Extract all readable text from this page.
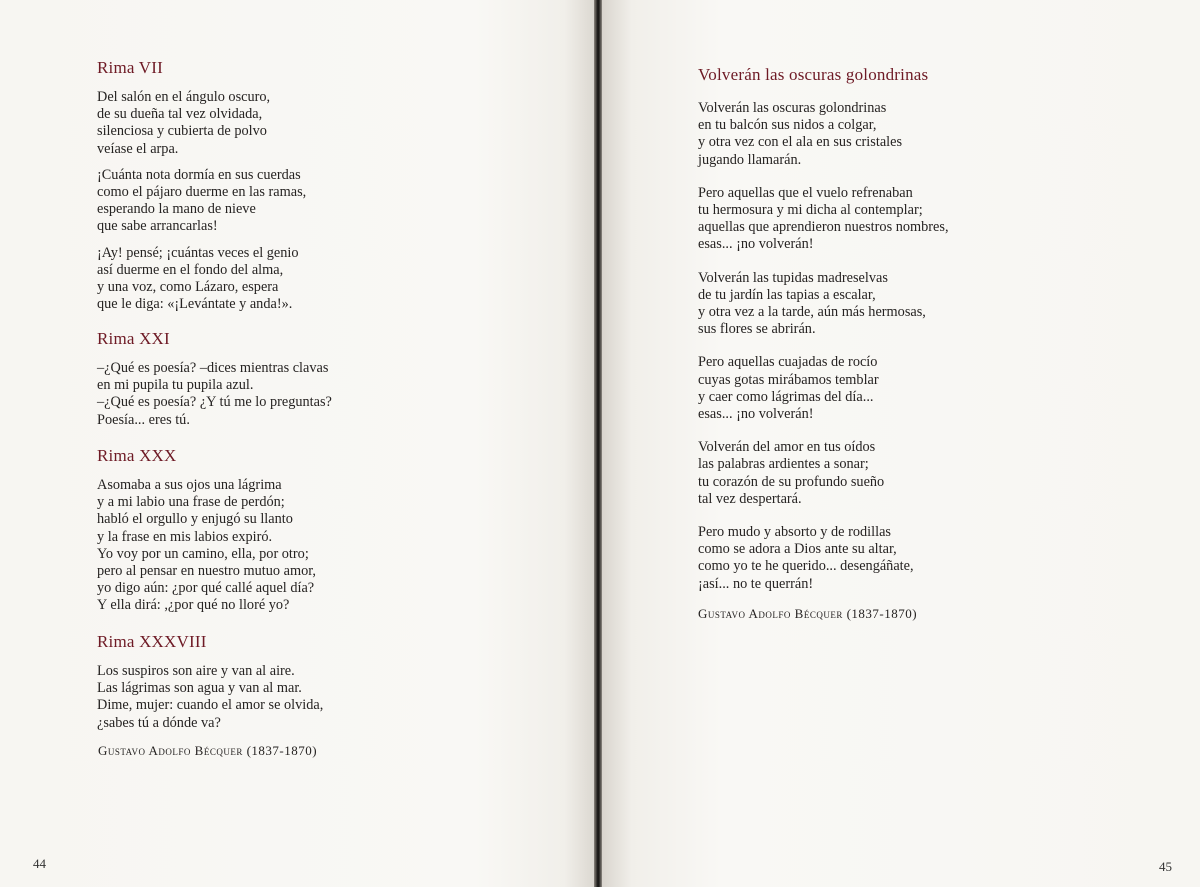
Rima VII
Del salón en el ángulo oscuro,
de su dueña tal vez olvidada,
silenciosa y cubierta de polvo
veíase el arpa.
¡Cuánta nota dormía en sus cuerdas
como el pájaro duerme en las ramas,
esperando la mano de nieve
que sabe arrancarlas!
¡Ay! pensé; ¡cuántas veces el genio
así duerme en el fondo del alma,
y una voz, como Lázaro, espera
que le diga: «¡Levántate y anda!».
Rima XXI
–¿Qué es poesía? –dices mientras clavas
en mi pupila tu pupila azul.
–¿Qué es poesía? ¿Y tú me lo preguntas?
Poesía... eres tú.
Rima XXX
Asomaba a sus ojos una lágrima
y a mi labio una frase de perdón;
habló el orgullo y enjugó su llanto
y la frase en mis labios expiró.
Yo voy por un camino, ella, por otro;
pero al pensar en nuestro mutuo amor,
yo digo aún: ¿por qué callé aquel día?
Y ella dirá: ,¿por qué no lloré yo?
Rima XXXVIII
Los suspiros son aire y van al aire.
Las lágrimas son agua y van al mar.
Dime, mujer: cuando el amor se olvida,
¿sabes tú a dónde va?
Gustavo Adolfo Bécquer (1837-1870)
44
Volverán las oscuras golondrinas
Volverán las oscuras golondrinas
en tu balcón sus nidos a colgar,
y otra vez con el ala en sus cristales
jugando llamarán.
Pero aquellas que el vuelo refrenaban
tu hermosura y mi dicha al contemplar;
aquellas que aprendieron nuestros nombres,
esas... ¡no volverán!
Volverán las tupidas madreselvas
de tu jardín las tapias a escalar,
y otra vez a la tarde, aún más hermosas,
sus flores se abrirán.
Pero aquellas cuajadas de rocío
cuyas gotas mirábamos temblar
y caer como lágrimas del día...
esas... ¡no volverán!
Volverán del amor en tus oídos
las palabras ardientes a sonar;
tu corazón de su profundo sueño
tal vez despertará.
Pero mudo y absorto y de rodillas
como se adora a Dios ante su altar,
como yo te he querido... desengáñate,
¡así... no te querrán!
Gustavo Adolfo Bécquer (1837-1870)
45
